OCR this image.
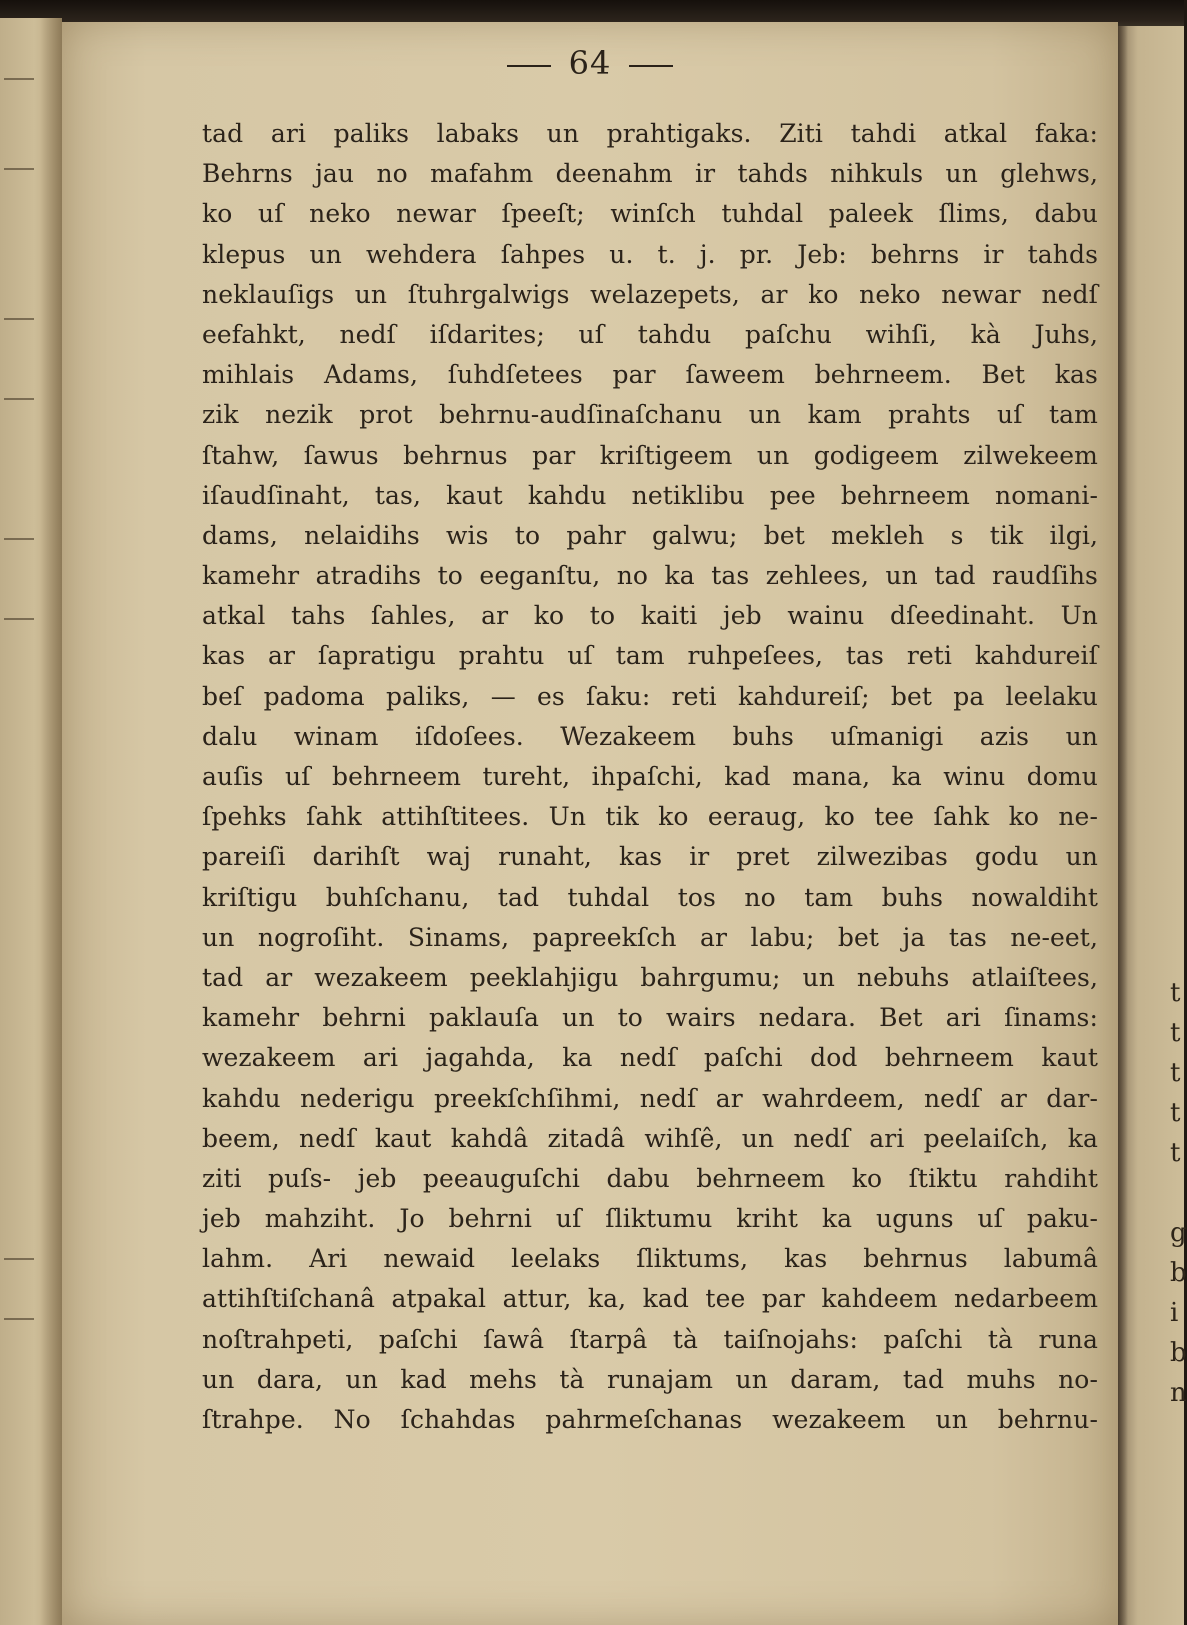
64
tad ari paliks labaks un prahtigaks. Ziti tahdi atkal faka:
Behrns jau no mafahm deenahm ir tahds nihkuls un glehws,
ko uſ neko newar ſpeeſt; winſch tuhdal paleek ſlims, dabu
klepus un wehdera ſahpes u. t. j. pr. Jeb: behrns ir tahds
neklauſigs un ſtuhrgalwigs welazepets, ar ko neko newar nedſ
eefahkt, nedſ iſdarites; uſ tahdu paſchu wihſi, kà Juhs,
mihlais Adams, ſuhdſetees par ſaweem behrneem. Bet kas
zik nezik prot behrnu-audſinaſchanu un kam prahts uſ tam
ſtahw, ſawus behrnus par kriſtigeem un godigeem zilwekeem
iſaudſinaht, tas, kaut kahdu netiklibu pee behrneem nomani-
dams, nelaidihs wis to pahr galwu; bet mekleh s tik ilgi,
kamehr atradihs to eeganſtu, no ka tas zehlees, un tad raudſihs
atkal tahs ſahles, ar ko to kaiti jeb wainu dſeedinaht. Un
kas ar ſapratigu prahtu uſ tam ruhpeſees, tas reti kahdureiſ
beſ padoma paliks, — es ſaku: reti kahdureiſ; bet pa leelaku
dalu winam iſdoſees. Wezakeem buhs uſmanigi azis un
auſis uſ behrneem tureht, ihpaſchi, kad mana, ka winu domu
ſpehks ſahk attihſtitees. Un tik ko eeraug, ko tee ſahk ko ne-
pareiſi darihſt waj runaht, kas ir pret zilwezibas godu un
kriſtigu buhſchanu, tad tuhdal tos no tam buhs nowaldiht
un nogroſiht. Sinams, papreekſch ar labu; bet ja tas ne-eet,
tad ar wezakeem peeklahjigu bahrgumu; un nebuhs atlaiſtees,
kamehr behrni paklauſa un to wairs nedara. Bet ari ſinams:
wezakeem ari jagahda, ka nedſ paſchi dod behrneem kaut
kahdu nederigu preekſchſihmi, nedſ ar wahrdeem, nedſ ar dar-
beem, nedſ kaut kahdâ zitadâ wihſê, un nedſ ari peelaiſch, ka
ziti puſs- jeb peeauguſchi dabu behrneem ko ſtiktu rahdiht
jeb mahziht. Jo behrni uſ ſliktumu kriht ka uguns uſ paku-
lahm. Ari newaid leelaks ſliktums, kas behrnus labumâ
attihſtiſchanâ atpakal attur, ka, kad tee par kahdeem nedarbeem
noſtrahpeti, paſchi ſawâ ſtarpâ tà taiſnojahs: paſchi tà runa
un dara, un kad mehs tà runajam un daram, tad muhs no-
ſtrahpe. No ſchahdas pahrmeſchanas wezakeem un behrnu-
t
t
t
t
t
g
b
i
b
n
